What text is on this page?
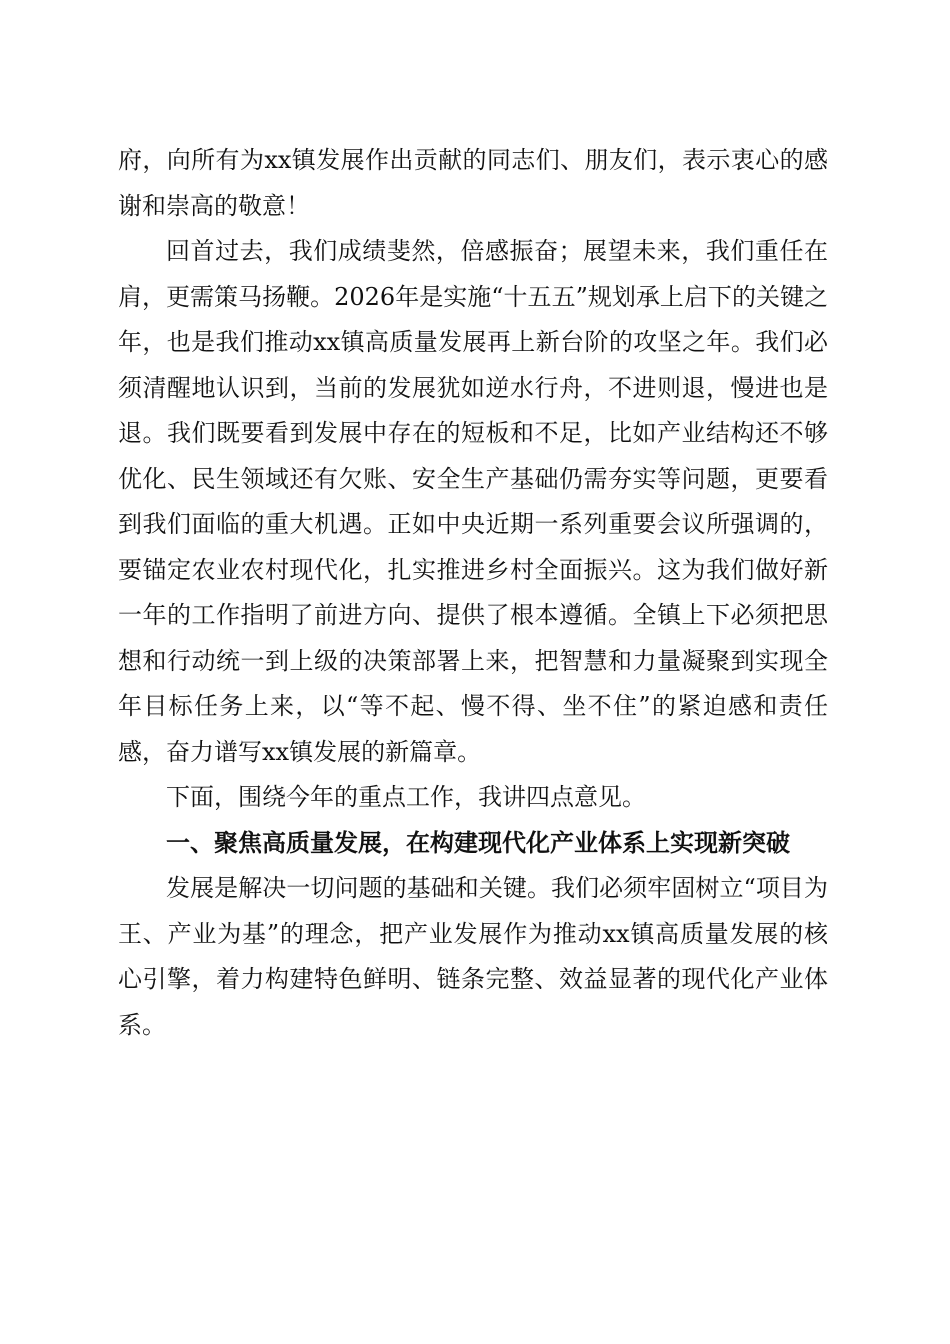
府，向所有为xx镇发展作出贡献的同志们、朋友们，表示衷心的感谢和崇高的敬意！

回首过去，我们成绩斐然，倍感振奋；展望未来，我们重任在肩，更需策马扬鞭。2026年是实施“十五五”规划承上启下的关键之年，也是我们推动xx镇高质量发展再上新台阶的攻坚之年。我们必须清醒地认识到，当前的发展犹如逆水行舟，不进则退，慢进也是退。我们既要看到发展中存在的短板和不足，比如产业结构还不够优化、民生领域还有欠账、安全生产基础仍需夯实等问题，更要看到我们面临的重大机遇。正如中央近期一系列重要会议所强调的，要锚定农业农村现代化，扎实推进乡村全面振兴。这为我们做好新一年的工作指明了前进方向、提供了根本遵循。全镇上下必须把思想和行动统一到上级的决策部署上来，把智慧和力量凝聚到实现全年目标任务上来，以“等不起、慢不得、坐不住”的紧迫感和责任感，奋力谱写xx镇发展的新篇章。

下面，围绕今年的重点工作，我讲四点意见。

一、聚焦高质量发展，在构建现代化产业体系上实现新突破

发展是解决一切问题的基础和关键。我们必须牢固树立“项目为王、产业为基”的理念，把产业发展作为推动xx镇高质量发展的核心引擎，着力构建特色鲜明、链条完整、效益显著的现代化产业体系。
